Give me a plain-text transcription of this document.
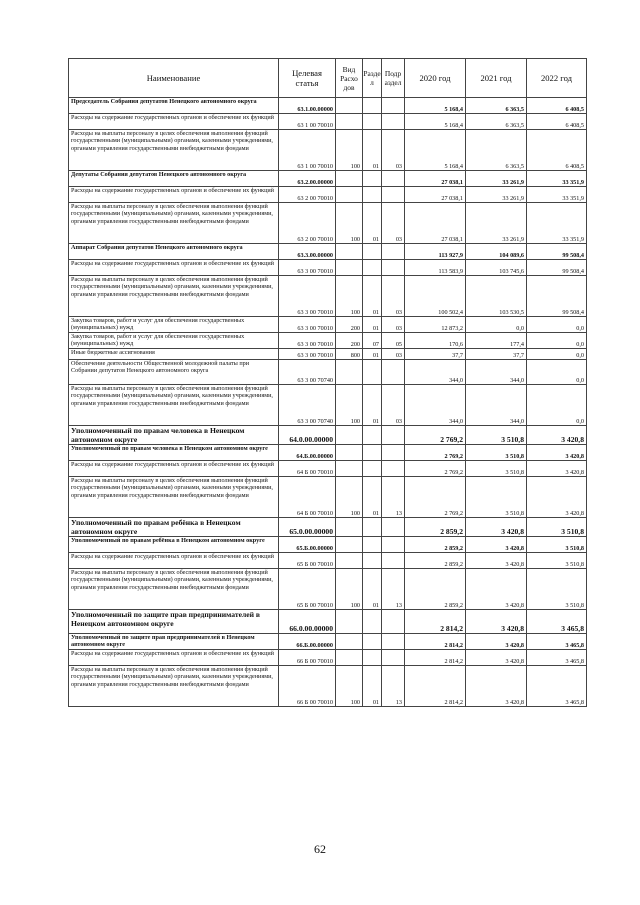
Наименование	Целевая статья	Вид Расхо дов	Разде л	Подр аздел	2020 год	2021 год	2022 год
Председатель Собрания депутатов Ненецкого автономного округа	63.1.00.00000				5 168,4	6 363,5	6 408,5
Расходы на содержание государственных органов и обеспечение их функций	63 1 00 70010				5 168,4	6 363,5	6 408,5
Расходы на выплаты персоналу в целях обеспечения выполнения функций государственными (муниципальными) органами, казенными учреждениями, органами управления государственными внебюджетными фондами	63 1 00 70010	100	01	03	5 168,4	6 363,5	6 408,5
Депутаты Собрания депутатов Ненецкого автономного округа	63.2.00.00000				27 038,1	33 261,9	33 351,9
Расходы на содержание государственных органов и обеспечение их функций	63 2 00 70010				27 038,1	33 261,9	33 351,9
Расходы на выплаты персоналу в целях обеспечения выполнения функций государственными (муниципальными) органами, казенными учреждениями, органами управления государственными внебюджетными фондами	63 2 00 70010	100	01	03	27 038,1	33 261,9	33 351,9
Аппарат Собрания депутатов Ненецкого автономного округа	63.3.00.00000				113 927,9	104 089,6	99 508,4
Расходы на содержание государственных органов и обеспечение их функций	63 3 00 70010				113 583,9	103 745,6	99 508,4
Расходы на выплаты персоналу в целях обеспечения выполнения функций государственными (муниципальными) органами, казенными учреждениями, органами управления государственными внебюджетными фондами	63 3 00 70010	100	01	03	100 502,4	103 530,5	99 508,4
Закупка товаров, работ и услуг для обеспечения государственных (муниципальных) нужд	63 3 00 70010	200	01	03	12 873,2	0,0	0,0
Закупка товаров, работ и услуг для обеспечения государственных (муниципальных) нужд	63 3 00 70010	200	07	05	170,6	177,4	0,0
Иные бюджетные ассигнования	63 3 00 70010	800	01	03	37,7	37,7	0,0
Обеспечение деятельности Общественной молодежной палаты при Собрании депутатов Ненецкого автономного округа	63 3 00 70740				344,0	344,0	0,0
Расходы на выплаты персоналу в целях обеспечения выполнения функций государственными (муниципальными) органами, казенными учреждениями, органами управления государственными внебюджетными фондами	63 3 00 70740	100	01	03	344,0	344,0	0,0
Уполномоченный по правам человека в Ненецком автономном округе	64.0.00.00000				2 769,2	3 510,8	3 420,8
Уполномоченный по правам человека в Ненецком автономном округе	64.Б.00.00000				2 769,2	3 510,8	3 420,8
Расходы на содержание государственных органов и обеспечение их функций	64 Б 00 70010				2 769,2	3 510,8	3 420,8
Расходы на выплаты персоналу в целях обеспечения выполнения функций государственными (муниципальными) органами, казенными учреждениями, органами управления государственными внебюджетными фондами	64 Б 00 70010	100	01	13	2 769,2	3 510,8	3 420,8
Уполномоченный по правам ребёнка в Ненецком автономном округе	65.0.00.00000				2 859,2	3 420,8	3 510,8
Уполномоченный по правам ребёнка в Ненецком автономном округе	65.Б.00.00000				2 859,2	3 420,8	3 510,8
Расходы на содержание государственных органов и обеспечение их функций	65 Б 00 70010				2 859,2	3 420,8	3 510,8
Расходы на выплаты персоналу в целях обеспечения выполнения функций государственными (муниципальными) органами, казенными учреждениями, органами управления государственными внебюджетными фондами	65 Б 00 70010	100	01	13	2 859,2	3 420,8	3 510,8
Уполномоченный по защите прав предпринимателей в Ненецком автономном округе	66.0.00.00000				2 814,2	3 420,8	3 465,8
Уполномоченный по защите прав предпринимателей в Ненецком автономном округе	66.Б.00.00000				2 814,2	3 420,8	3 465,8
Расходы на содержание государственных органов и обеспечение их функций	66 Б 00 70010				2 814,2	3 420,8	3 465,8
Расходы на выплаты персоналу в целях обеспечения выполнения функций государственными (муниципальными) органами, казенными учреждениями, органами управления государственными внебюджетными фондами	66 Б 00 70010	100	01	13	2 814,2	3 420,8	3 465,8
62
